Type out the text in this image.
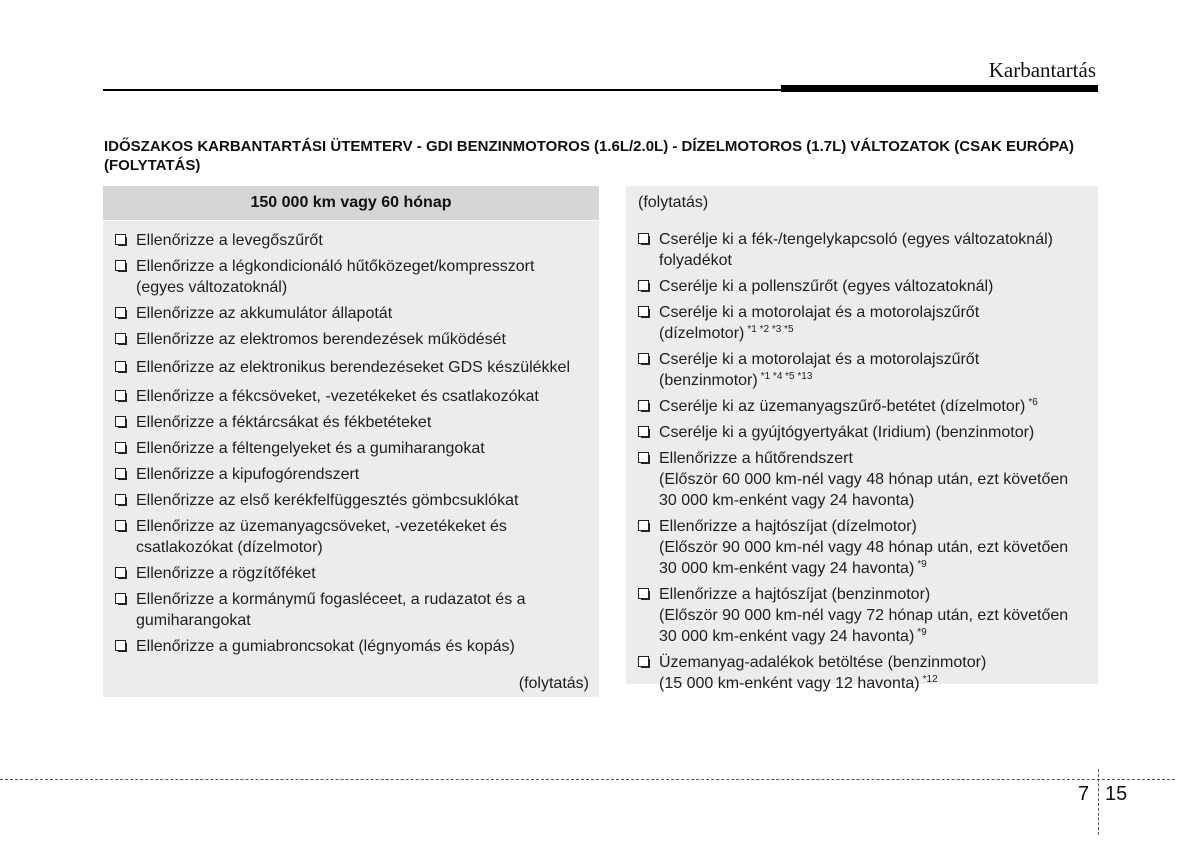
Karbantartás
IDŐSZAKOS KARBANTARTÁSI ÜTEMTERV - GDI BENZINMOTOROS (1.6L/2.0L) - DÍZELMOTOROS (1.7L) VÁLTOZATOK (CSAK EURÓPA) (FOLYTATÁS)
150 000 km vagy 60 hónap
Ellenőrizze a levegőszűrőt
Ellenőrizze a légkondicionáló hűtőközeget/kompresszort
(egyes változatoknál)
Ellenőrizze az akkumulátor állapotát
Ellenőrizze az elektromos berendezések működését
Ellenőrizze az elektronikus berendezéseket GDS készülékkel
Ellenőrizze a fékcsöveket, -vezetékeket és csatlakozókat
Ellenőrizze a féktárcsákat és fékbetéteket
Ellenőrizze a féltengelyeket és a gumiharangokat
Ellenőrizze a kipufogórendszert
Ellenőrizze az első kerékfelfüggesztés gömbcsuklókat
Ellenőrizze az üzemanyagcsöveket, -vezetékeket és csatlakozókat (dízelmotor)
Ellenőrizze a rögzítőféket
Ellenőrizze a kormánymű fogasléceet, a rudazatot és a gumiharangokat
Ellenőrizze a gumiabroncsokat (légnyomás és kopás)
(folytatás)
(folytatás)
Cserélje ki a fék-/tengelykapcsoló (egyes változatoknál) folyadékot
Cserélje ki a pollenszűrőt (egyes változatoknál)
Cserélje ki a motorolajat és a motorolajszűrőt
(dízelmotor) $^{*1 *2 *3 *5}$
Cserélje ki a motorolajat és a motorolajszűrőt
(benzinmotor) $^{*1 *4 *5 *13}$
Cserélje ki az üzemanyagszűrő-betétet (dízelmotor) $^{*6}$
Cserélje ki a gyújtógyertyákat (Iridium) (benzinmotor)
Ellenőrizze a hűtőrendszert
(Először 60 000 km-nél vagy 48 hónap után, ezt követően 30 000 km-enként vagy 24 havonta)
Ellenőrizze a hajtószíjat (dízelmotor)
(Először 90 000 km-nél vagy 48 hónap után, ezt követően 30 000 km-enként vagy 24 havonta) $^{*9}$
Ellenőrizze a hajtószíjat (benzinmotor)
(Először 90 000 km-nél vagy 72 hónap után, ezt követően 30 000 km-enként vagy 24 havonta) $^{*9}$
Üzemanyag-adalékok betöltése (benzinmotor)
(15 000 km-enként vagy 12 havonta) $^{*12}$
7 15
